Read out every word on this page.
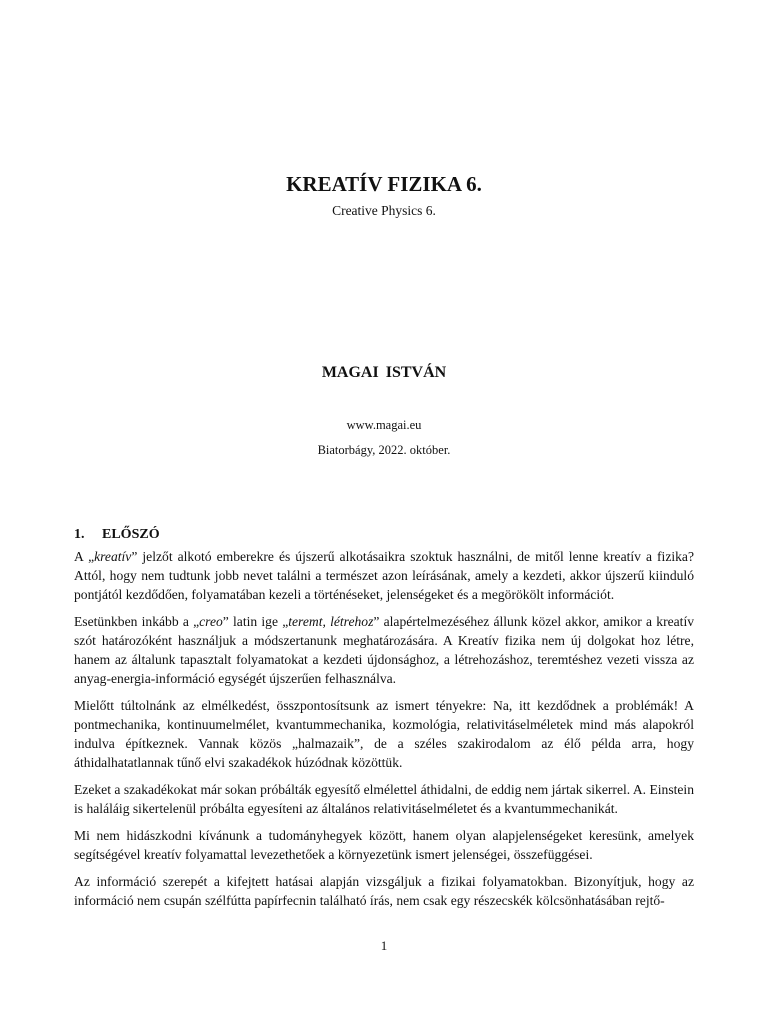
KREATÍV FIZIKA 6.

Creative Physics 6.

MAGAI ISTVÁN

www.magai.eu

Biatorbágy, 2022. október.

1. ELŐSZÓ

A „kreatív” jelzőt alkotó emberekre és újszerű alkotásaikra szoktuk használni, de mitől lenne kreatív a fizika? Attól, hogy nem tudtunk jobb nevet találni a természet azon leírásának, amely a kezdeti, akkor újszerű kiinduló pontjától kezdődően, folyamatában kezeli a történéseket, jelenségeket és a megörökölt információt.

Esetünkben inkább a „creo” latin ige „teremt, létrehoz” alapértelmezéséhez állunk közel akkor, amikor a kreatív szót határozóként használjuk a módszertanunk meghatározására. A Kreatív fizika nem új dolgokat hoz létre, hanem az általunk tapasztalt folyamatokat a kezdeti újdonsághoz, a létrehozáshoz, teremtéshez vezeti vissza az anyag-energia-információ egységét újszerűen felhasználva.

Mielőtt túltolnánk az elmélkedést, összpontosítsunk az ismert tényekre: Na, itt kezdődnek a problémák! A pontmechanika, kontinuumelmélet, kvantummechanika, kozmológia, relativitáselméletek mind más alapokról indulva építkeznek. Vannak közös „halmazaik”, de a széles szakirodalom az élő példa arra, hogy áthidalhatatlannak tűnő elvi szakadékok húzódnak közöttük.

Ezeket a szakadékokat már sokan próbálták egyesítő elmélettel áthidalni, de eddig nem jártak sikerrel. A. Einstein is haláláig sikertelenül próbálta egyesíteni az általános relativitáselméletet és a kvantummechanikát.

Mi nem hidászkodni kívánunk a tudományhegyek között, hanem olyan alapjelenségeket keresünk, amelyek segítségével kreatív folyamattal levezethetőek a környezetünk ismert jelenségei, összefüggései.

Az információ szerepét a kifejtett hatásai alapján vizsgáljuk a fizikai folyamatokban. Bizonyítjuk, hogy az információ nem csupán szélfútta papírfecnin található írás, nem csak egy részecskék kölcsönhatásában rejtő-

1
